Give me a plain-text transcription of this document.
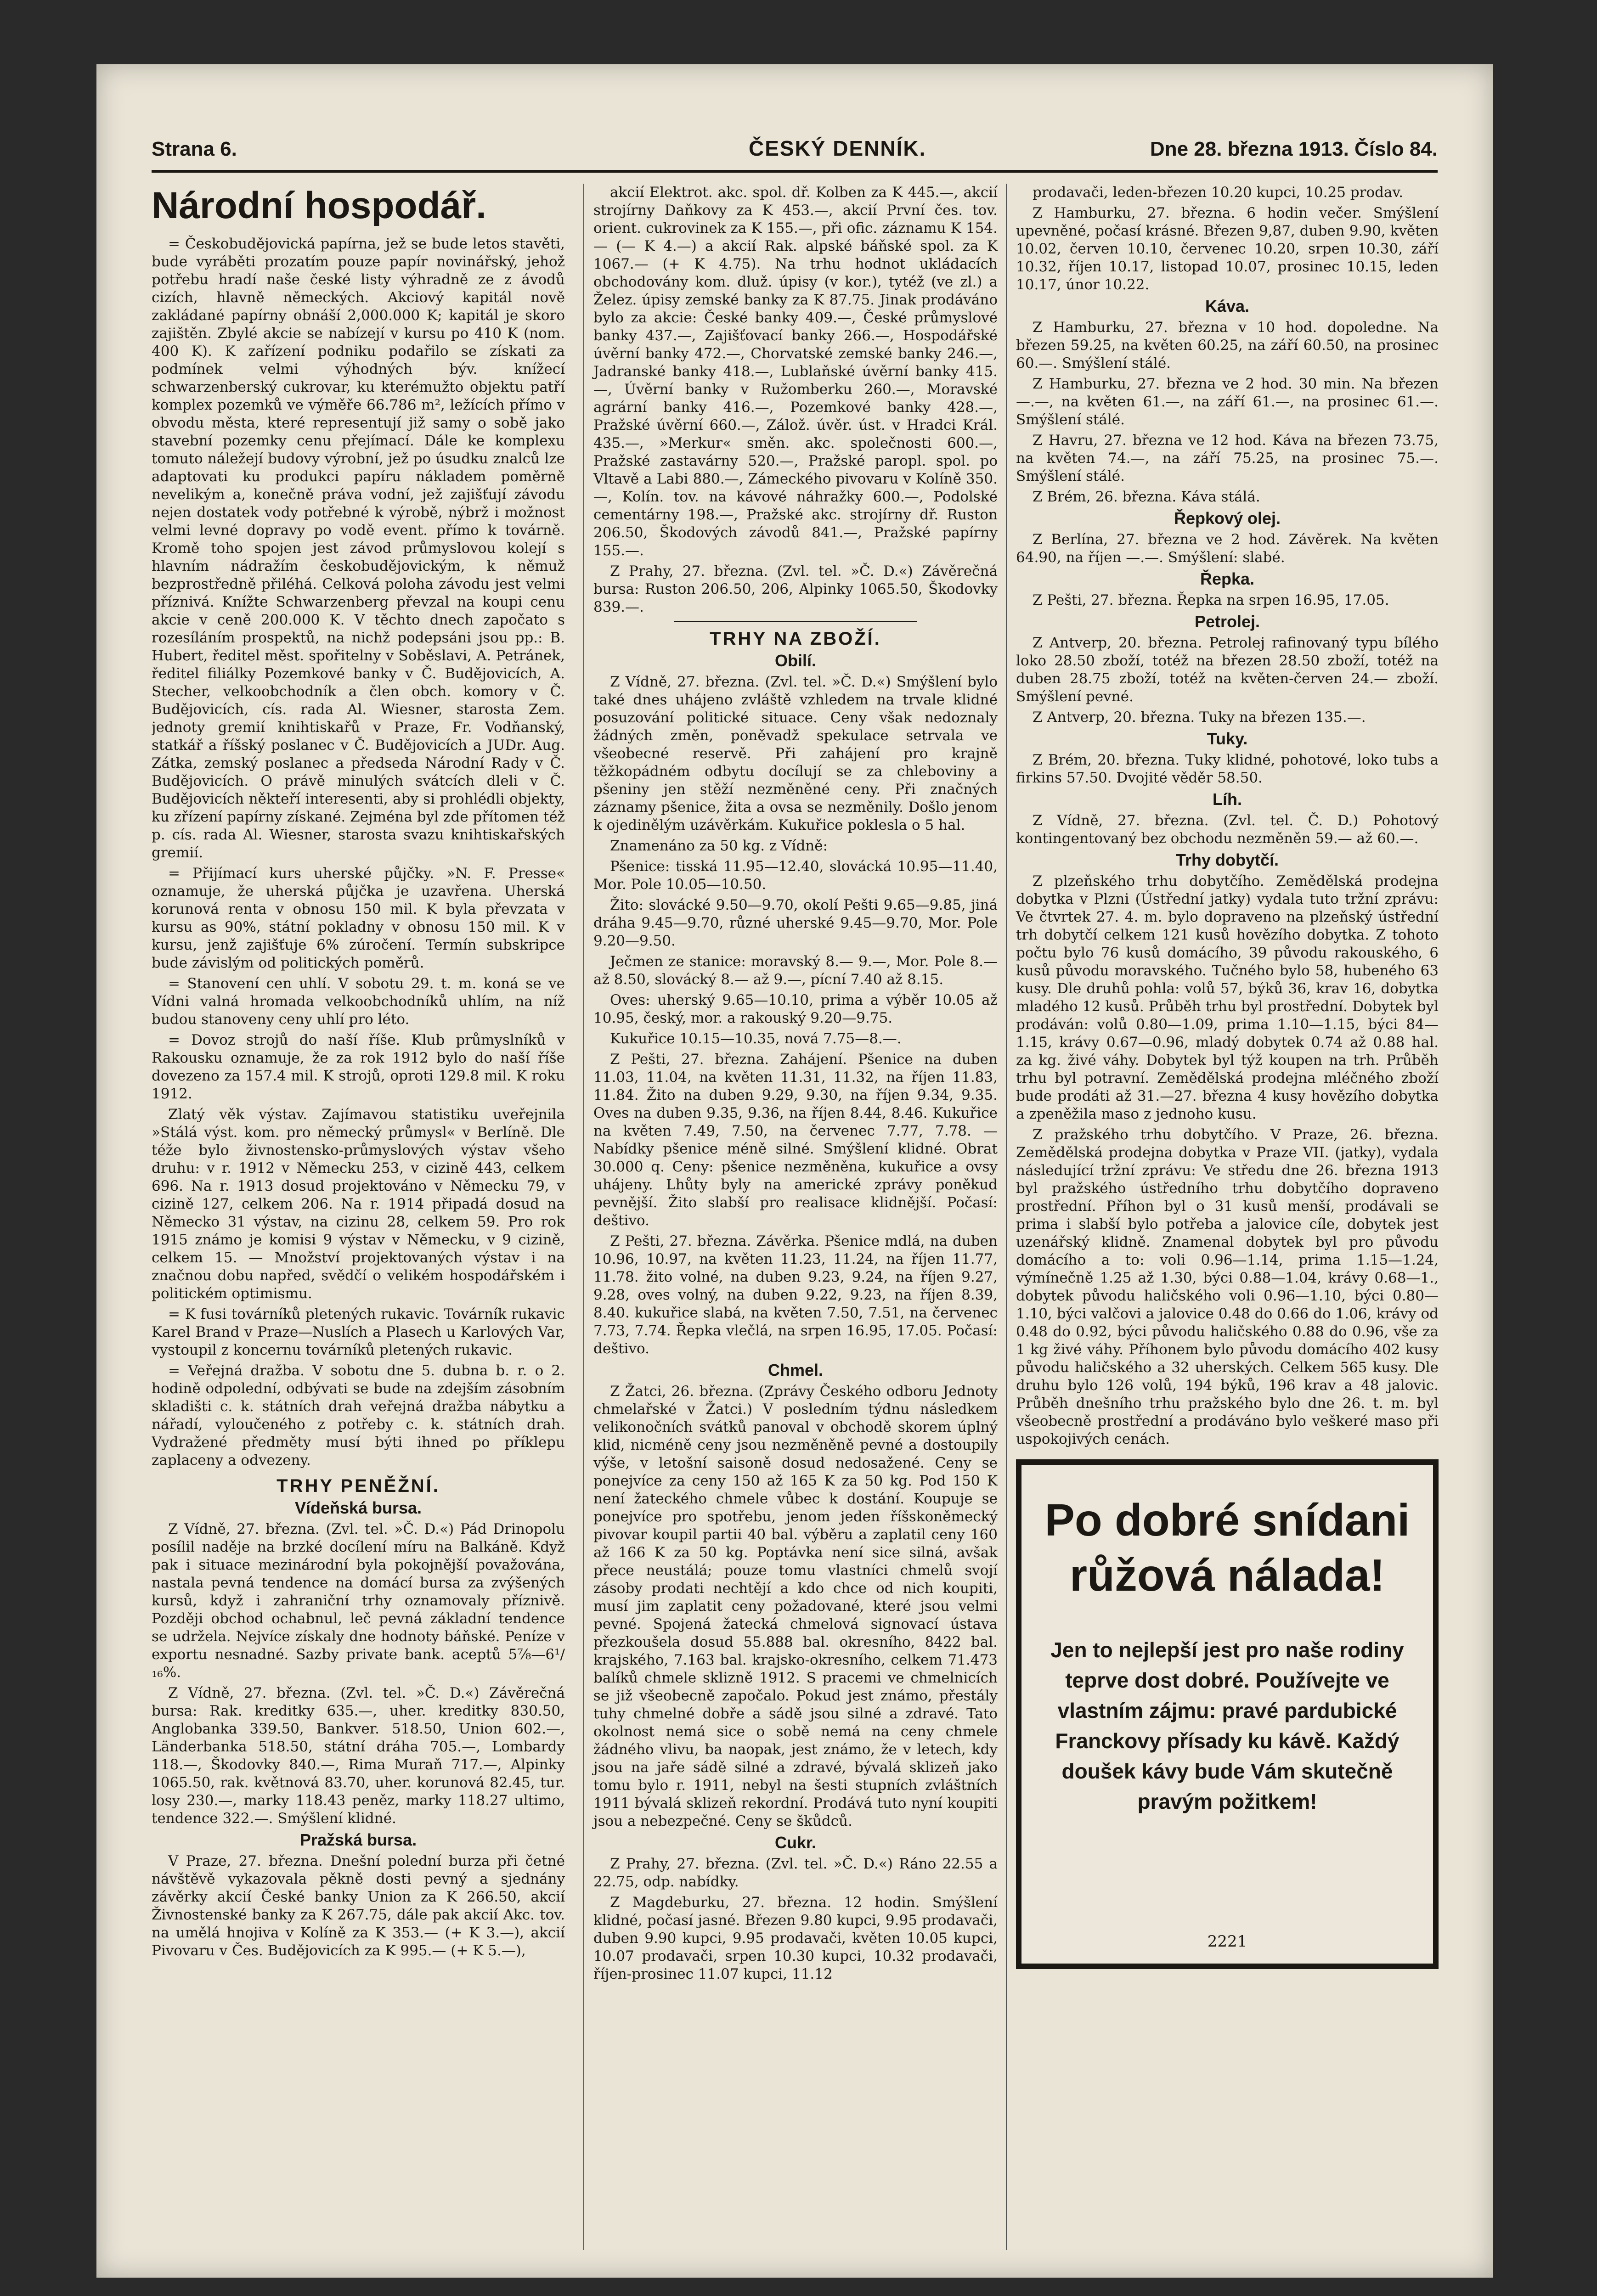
Strana 6.	ČESKÝ DENNÍK.	Dne 28. března 1913. Číslo 84.
Národní hospodář.

= Českobudějovická papírna, jež se bude letos stavěti, bude vyráběti prozatím pouze papír novinářský, jehož potřebu hradí naše české listy výhradně ze z ávodů cizích, hlavně německých. Akciový kapitál nově zakládané papírny obnáší 2,000.000 K; kapitál je skoro zajištěn. Zbylé akcie se nabízejí v kursu po 410 K (nom. 400 K). K zařízení podniku podařilo se získati za podmínek velmi výhodných býv. knížecí schwarzenberský cukrovar, ku kterémužto objektu patří komplex pozemků ve výměře 66.786 m², ležících přímo v obvodu města, které representují již samy o sobě jako stavební pozemky cenu přejímací. Dále ke komplexu tomuto náležejí budovy výrobní, jež po úsudku znalců lze adaptovati ku produkci papíru nákladem poměrně nevelikým a, konečně práva vodní, jež zajišťují závodu nejen dostatek vody potřebné k výrobě, nýbrž i možnost velmi levné dopravy po vodě event. přímo k továrně. Kromě toho spojen jest závod průmyslovou kolejí s hlavním nádražím českobudějovickým, k němuž bezprostředně přiléhá. Celková poloha závodu jest velmi příznivá. Knížte Schwarzenberg převzal na koupi cenu akcie v ceně 200.000 K. V těchto dnech započato s rozesíláním prospektů, na nichž podepsáni jsou pp.: B. Hubert, ředitel měst. spořitelny v Soběslavi, A. Petránek, ředitel filiálky Pozemkové banky v Č. Budějovicích, A. Stecher, velkoobchodník a člen obch. komory v Č. Budějovicích, cís. rada Al. Wiesner, starosta Zem. jednoty gremií knihtiskařů v Praze, Fr. Vodňanský, statkář a říšský poslanec v Č. Budějovicích a JUDr. Aug. Zátka, zemský poslanec a předseda Národní Rady v Č. Budějovicích. O právě minulých svátcích dleli v Č. Budějovicích někteří interesenti, aby si prohlédli objekty, ku zřízení papírny získané. Zejména byl zde přítomen též p. cís. rada Al. Wiesner, starosta svazu knihtiskařských gremií.

= Přijímací kurs uherské půjčky. »N. F. Presse« oznamuje, že uherská půjčka je uzavřena. Uherská korunová renta v obnosu 150 mil. K byla převzata v kursu as 90%, státní pokladny v obnosu 150 mil. K v kursu, jenž zajišťuje 6% zúročení. Termín subskripce bude závislým od politických poměrů.

= Stanovení cen uhlí. V sobotu 29. t. m. koná se ve Vídni valná hromada velkoobchodníků uhlím, na níž budou stanoveny ceny uhlí pro léto.

= Dovoz strojů do naší říše. Klub průmyslníků v Rakousku oznamuje, že za rok 1912 bylo do naší říše dovezeno za 157.4 mil. K strojů, oproti 129.8 mil. K roku 1912.

Zlatý věk výstav. Zajímavou statistiku uveřejnila »Stálá výst. kom. pro německý průmysl« v Berlíně. Dle téže bylo živnostensko-průmyslových výstav všeho druhu: v r. 1912 v Německu 253, v cizině 443, celkem 696. Na r. 1913 dosud projektováno v Německu 79, v cizině 127, celkem 206. Na r. 1914 připadá dosud na Německo 31 výstav, na cizinu 28, celkem 59. Pro rok 1915 známo je komisi 9 výstav v Německu, v 9 cizině, celkem 15. — Množství projektovaných výstav i na značnou dobu napřed, svědčí o velikém hospodářském i politickém optimismu.

= K fusi továrníků pletených rukavic. Továrník rukavic Karel Brand v Praze—Nuslích a Plasech u Karlových Var, vystoupil z koncernu továrníků pletených rukavic.

= Veřejná dražba. V sobotu dne 5. dubna b. r. o 2. hodině odpolední, odbývati se bude na zdejším zásobním skladišti c. k. státních drah veřejná dražba nábytku a nářadí, vyloučeného z potřeby c. k. státních drah. Vydražené předměty musí býti ihned po příklepu zaplaceny a odvezeny.

TRHY PENĚŽNÍ.
Vídeňská bursa.

Z Vídně, 27. března. (Zvl. tel. »Č. D.«) Pád Drinopolu posílil naděje na brzké docílení míru na Balkáně. Když pak i situace mezinárodní byla pokojnější považována, nastala pevná tendence na domácí bursa za zvýšených kursů, když i zahraniční trhy oznamovaly příznivě. Později obchod ochabnul, leč pevná základní tendence se udržela. Nejvíce získaly dne hodnoty báňské. Peníze v exportu nesnadné. Sazby private bank. aceptů 5⅞—6¹/₁₆%.

Z Vídně, 27. března. (Zvl. tel. »Č. D.«) Závěrečná bursa: Rak. kreditky 635.—, uher. kreditky 830.50, Anglobanka 339.50, Bankver. 518.50, Union 602.—, Länderbanka 518.50, státní dráha 705.—, Lombardy 118.—, Škodovky 840.—, Rima Muraň 717.—, Alpinky 1065.50, rak. květnová 83.70, uher. korunová 82.45, tur. losy 230.—, marky 118.43 peněz, marky 118.27 ultimo, tendence 322.—. Smýšlení klidné.

Pražská bursa.

V Praze, 27. března. Dnešní polední burza při četné návštěvě vykazovala pěkně dosti pevný a sjednány závěrky akcií České banky Union za K 266.50, akcií Živnostenské banky za K 267.75, dále pak akcií Akc. tov. na umělá hnojiva v Kolíně za K 353.— (+ K 3.—), akcií Pivovaru v Čes. Budějovicích za K 995.— (+ K 5.—),

akcií Elektrot. akc. spol. dř. Kolben za K 445.—, akcií strojírny Daňkovy za K 453.—, akcií První čes. tov. orient. cukrovinek za K 155.—, při ofic. záznamu K 154.— (— K 4.—) a akcií Rak. alpské báňské spol. za K 1067.— (+ K 4.75). Na trhu hodnot ukládacích obchodovány kom. dluž. úpisy (v kor.), tytéž (ve zl.) a Želez. úpisy zemské banky za K 87.75. Jinak prodáváno bylo za akcie: České banky 409.—, České průmyslové banky 437.—, Zajišťovací banky 266.—, Hospodářské úvěrní banky 472.—, Chorvatské zemské banky 246.—, Jadranské banky 418.—, Lublaňské úvěrní banky 415.—, Úvěrní banky v Ružomberku 260.—, Moravské agrární banky 416.—, Pozemkové banky 428.—, Pražské úvěrní 660.—, Zálož. úvěr. úst. v Hradci Král. 435.—, »Merkur« směn. akc. společnosti 600.—, Pražské zastavárny 520.—, Pražské paropl. spol. po Vltavě a Labi 880.—, Zámeckého pivovaru v Kolíně 350.—, Kolín. tov. na kávové náhražky 600.—, Podolské cementárny 198.—, Pražské akc. strojírny dř. Ruston 206.50, Škodových závodů 841.—, Pražské papírny 155.—.

Z Prahy, 27. března. (Zvl. tel. »Č. D.«) Závěrečná bursa: Ruston 206.50, 206, Alpinky 1065.50, Škodovky 839.—.

TRHY NA ZBOŽÍ.
Obilí.

Z Vídně, 27. března. (Zvl. tel. »Č. D.«) Smýšlení bylo také dnes uhájeno zvláště vzhledem na trvale klidné posuzování politické situace. Ceny však nedoznaly žádných změn, poněvadž spekulace setrvala ve všeobecné reservě. Při zahájení pro krajně těžkopádném odbytu docílují se za chleboviny a pšeniny jen stěží nezměněné ceny. Při značných záznamy pšenice, žita a ovsa se nezměnily. Došlo jenom k ojedinělým uzávěrkám. Kukuřice poklesla o 5 hal.

Znamenáno za 50 kg. z Vídně:

Pšenice: tisská 11.95—12.40, slovácká 10.95—11.40, Mor. Pole 10.05—10.50.

Žito: slovácké 9.50—9.70, okolí Pešti 9.65—9.85, jiná dráha 9.45—9.70, různé uherské 9.45—9.70, Mor. Pole 9.20—9.50.

Ječmen ze stanice: moravský 8.— 9.—, Mor. Pole 8.— až 8.50, slovácký 8.— až 9.—, pícní 7.40 až 8.15.

Oves: uherský 9.65—10.10, prima a výběr 10.05 až 10.95, český, mor. a rakouský 9.20—9.75.

Kukuřice 10.15—10.35, nová 7.75—8.—.

Z Pešti, 27. března. Zahájení. Pšenice na duben 11.03, 11.04, na květen 11.31, 11.32, na říjen 11.83, 11.84. Žito na duben 9.29, 9.30, na říjen 9.34, 9.35. Oves na duben 9.35, 9.36, na říjen 8.44, 8.46. Kukuřice na květen 7.49, 7.50, na červenec 7.77, 7.78. — Nabídky pšenice méně silné. Smýšlení klidné. Obrat 30.000 q. Ceny: pšenice nezměněna, kukuřice a ovsy uhájeny. Lhůty byly na americké zprávy poněkud pevnější. Žito slabší pro realisace klidnější. Počasí: deštivo.

Z Pešti, 27. března. Závěrka. Pšenice mdlá, na duben 10.96, 10.97, na květen 11.23, 11.24, na říjen 11.77, 11.78. žito volné, na duben 9.23, 9.24, na říjen 9.27, 9.28, oves volný, na duben 9.22, 9.23, na říjen 8.39, 8.40. kukuřice slabá, na květen 7.50, 7.51, na červenec 7.73, 7.74. Řepka vlečlá, na srpen 16.95, 17.05. Počasí: deštivo.

Chmel.

Z Žatci, 26. března. (Zprávy Českého odboru Jednoty chmelařské v Žatci.) V posledním týdnu následkem velikonočních svátků panoval v obchodě skorem úplný klid, nicméně ceny jsou nezměněně pevné a dostoupily výše, v letošní saisoně dosud nedosažené. Ceny se ponejvíce za ceny 150 až 165 K za 50 kg. Pod 150 K není žateckého chmele vůbec k dostání. Koupuje se ponejvíce pro spotřebu, jenom jeden říšskoněmecký pivovar koupil partii 40 bal. výběru a zaplatil ceny 160 až 166 K za 50 kg. Poptávka není sice silná, avšak přece neustálá; pouze tomu vlastníci chmelů svojí zásoby prodati nechtějí a kdo chce od nich koupiti, musí jim zaplatit ceny požadované, které jsou velmi pevné. Spojená žatecká chmelová signovací ústava přezkoušela dosud 55.888 bal. okresního, 8422 bal. krajského, 7.163 bal. krajsko-okresního, celkem 71.473 balíků chmele sklizně 1912. S pracemi ve chmelnicích se již všeobecně započalo. Pokud jest známo, přestály tuhy chmelné dobře a sádě jsou silné a zdravé. Tato okolnost nemá sice o sobě nemá na ceny chmele žádného vlivu, ba naopak, jest známo, že v letech, kdy jsou na jaře sádě silné a zdravé, bývalá sklizeň jako tomu bylo r. 1911, nebyl na šesti stupních zvláštních 1911 bývalá sklizeň rekordní. Prodává tuto nyní koupiti jsou a nebezpečné. Ceny se škůdců.

Cukr.

Z Prahy, 27. března. (Zvl. tel. »Č. D.«) Ráno 22.55 a 22.75, odp. nabídky.

Z Magdeburku, 27. března. 12 hodin. Smýšlení klidné, počasí jasné. Březen 9.80 kupci, 9.95 prodavači, duben 9.90 kupci, 9.95 prodavači, květen 10.05 kupci, 10.07 prodavači, srpen 10.30 kupci, 10.32 prodavači, říjen-prosinec 11.07 kupci, 11.12

prodavači, leden-březen 10.20 kupci, 10.25 prodav.

Z Hamburku, 27. března. 6 hodin večer. Smýšlení upevněné, počasí krásné. Březen 9,87, duben 9.90, květen 10.02, červen 10.10, červenec 10.20, srpen 10.30, září 10.32, říjen 10.17, listopad 10.07, prosinec 10.15, leden 10.17, únor 10.22.

Káva.

Z Hamburku, 27. března v 10 hod. dopoledne. Na březen 59.25, na květen 60.25, na září 60.50, na prosinec 60.—. Smýšlení stálé.

Z Hamburku, 27. března ve 2 hod. 30 min. Na březen —.—, na květen 61.—, na září 61.—, na prosinec 61.—. Smýšlení stálé.

Z Havru, 27. března ve 12 hod. Káva na březen 73.75, na květen 74.—, na září 75.25, na prosinec 75.—. Smýšlení stálé.

Z Brém, 26. března. Káva stálá.

Řepkový olej.

Z Berlína, 27. března ve 2 hod. Závěrek. Na květen 64.90, na říjen —.—. Smýšlení: slabé.

Řepka.

Z Pešti, 27. března. Řepka na srpen 16.95, 17.05.

Petrolej.

Z Antverp, 20. března. Petrolej rafinovaný typu bílého loko 28.50 zboží, totéž na březen 28.50 zboží, totéž na duben 28.75 zboží, totéž na květen-červen 24.— zboží. Smýšlení pevné.

Z Antverp, 20. března. Tuky na březen 135.—.

Tuky.

Z Brém, 20. března. Tuky klidné, pohotové, loko tubs a firkins 57.50. Dvojité věděr 58.50.

Líh.

Z Vídně, 27. března. (Zvl. tel. Č. D.) Pohotový kontingentovaný bez obchodu nezměněn 59.— až 60.—.

Trhy dobytčí.

Z plzeňského trhu dobytčího. Zemědělská prodejna dobytka v Plzni (Ústřední jatky) vydala tuto tržní zprávu: Ve čtvrtek 27. 4. m. bylo dopraveno na plzeňský ústřední trh dobytčí celkem 121 kusů hovězího dobytka. Z tohoto počtu bylo 76 kusů domácího, 39 původu rakouského, 6 kusů původu moravského. Tučného bylo 58, hubeného 63 kusy. Dle druhů pohla: volů 57, býků 36, krav 16, dobytka mladého 12 kusů. Průběh trhu byl prostřední. Dobytek byl prodáván: volů 0.80—1.09, prima 1.10—1.15, býci 84—1.15, krávy 0.67—0.96, mladý dobytek 0.74 až 0.88 hal. za kg. živé váhy. Dobytek byl týž koupen na trh. Průběh trhu byl potravní. Zemědělská prodejna mléčného zboží bude prodáti až 31.—27. března 4 kusy hovězího dobytka a zpeněžila maso z jednoho kusu.

Z pražského trhu dobytčího. V Praze, 26. března. Zemědělská prodejna dobytka v Praze VII. (jatky), vydala následující tržní zprávu: Ve středu dne 26. března 1913 byl pražského ústředního trhu dobytčího dopraveno prostřední. Příhon byl o 31 kusů menší, prodávali se prima i slabší bylo potřeba a jalovice cíle, dobytek jest uzenářský klidně. Znamenal dobytek byl pro původu domácího a to: voli 0.96—1.14, prima 1.15—1.24, výmínečně 1.25 až 1.30, býci 0.88—1.04, krávy 0.68—1., dobytek původu haličského voli 0.96—1.10, býci 0.80—1.10, býci valčovi a jalovice 0.48 do 0.66 do 1.06, krávy od 0.48 do 0.92, býci původu haličského 0.88 do 0.96, vše za 1 kg živé váhy. Příhonem bylo původu domácího 402 kusy původu haličského a 32 uherských. Celkem 565 kusy. Dle druhu bylo 126 volů, 194 býků, 196 krav a 48 jalovic. Průběh dnešního trhu pražského bylo dne 26. t. m. byl všeobecně prostřední a prodáváno bylo veškeré maso při uspokojivých cenách.

Po dobré snídani růžová nálada!
Jen to nejlepší jest pro naše rodiny teprve dost dobré. Používejte ve vlastním zájmu: pravé pardubické Franckovy přísady ku kávě. Každý doušek kávy bude Vám skutečně pravým požitkem!
2221
